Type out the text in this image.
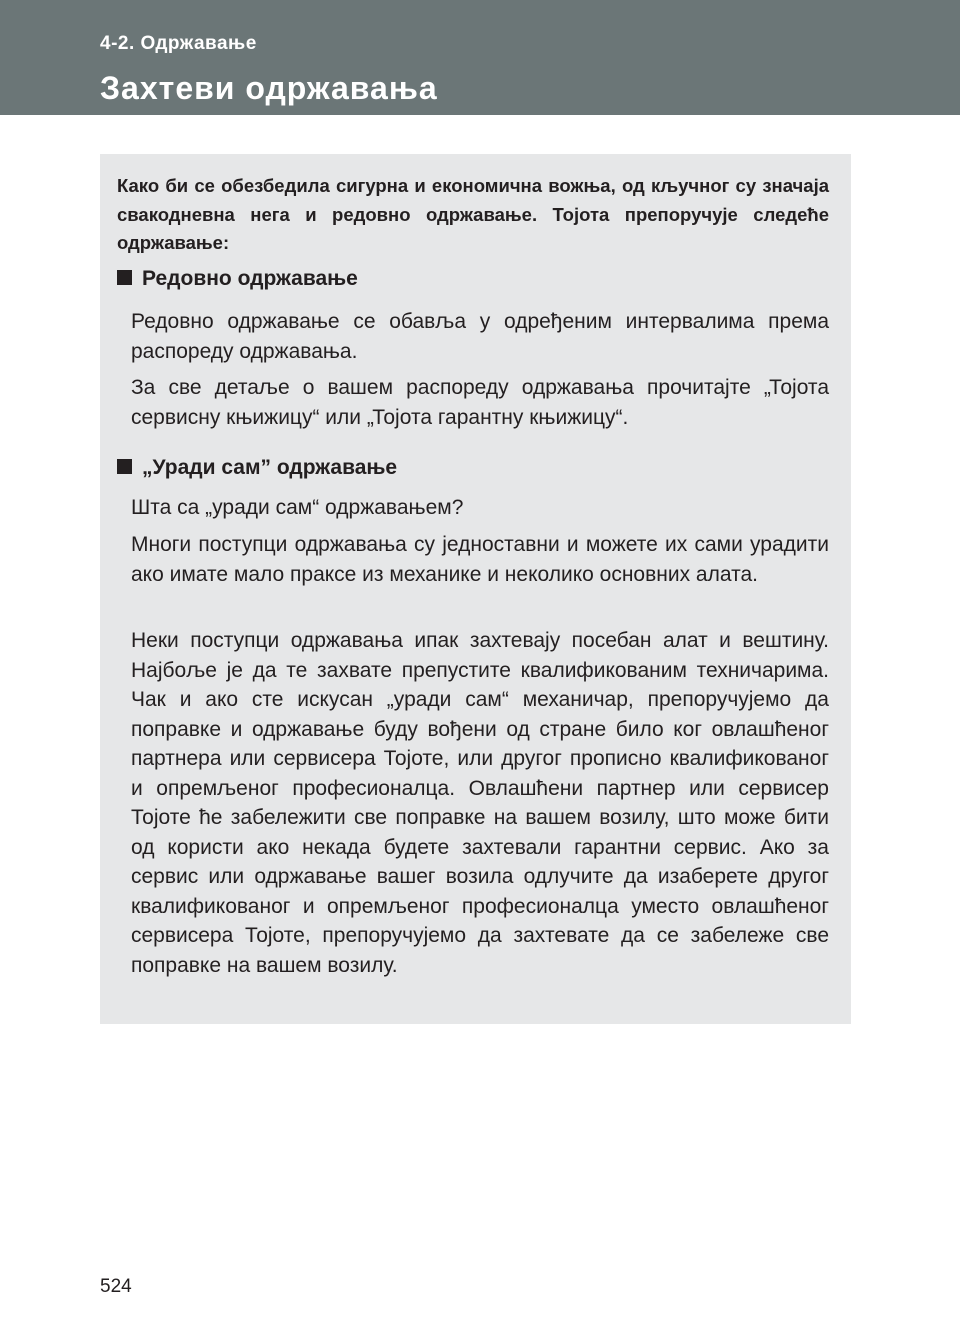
4-2. Одржавање
Захтеви одржавања

Како би се обезбедила сигурна и економична вожња, од кључног су значаја свакодневна нега и редовно одржавање. Тојота препоручује следеће одржавање:

Редовно одржавање

Редовно одржавање се обавља у одређеним интервалима према распореду одржавања.

За све детаље о вашем распореду одржавања прочитајте „Тојота сервисну књижицу“ или „Тојота гарантну књижицу“.

„Уради сам” одржавање

Шта са „уради сам“ одржавањем?

Многи поступци одржавања су једноставни и можете их сами урадити ако имате мало праксе из механике и неколико основних алата.

Неки поступци одржавања ипак захтевају посебан алат и вештину. Најбоље је да те захвате препустите квалификованим техничарима. Чак и ако сте искусан „уради сам“ механичар, препоручујемо да поправке и одржавање буду вођени од стране било ког овлашћеног партнера или сервисера Тојоте, или другог прописно квалификованог и опремљеног професионалца. Овлашћени партнер или сервисер Тојоте ће забележити све поправке на вашем возилу, што може бити од користи ако некада будете захтевали гарантни сервис. Ако за сервис или одржавање вашег возила одлучите да изаберете другог квалификованог и опремљеног професионалца уместо овлашћеног сервисера Тојоте, препоручујемо да захтевате да се забележе све поправке на вашем возилу.

524
